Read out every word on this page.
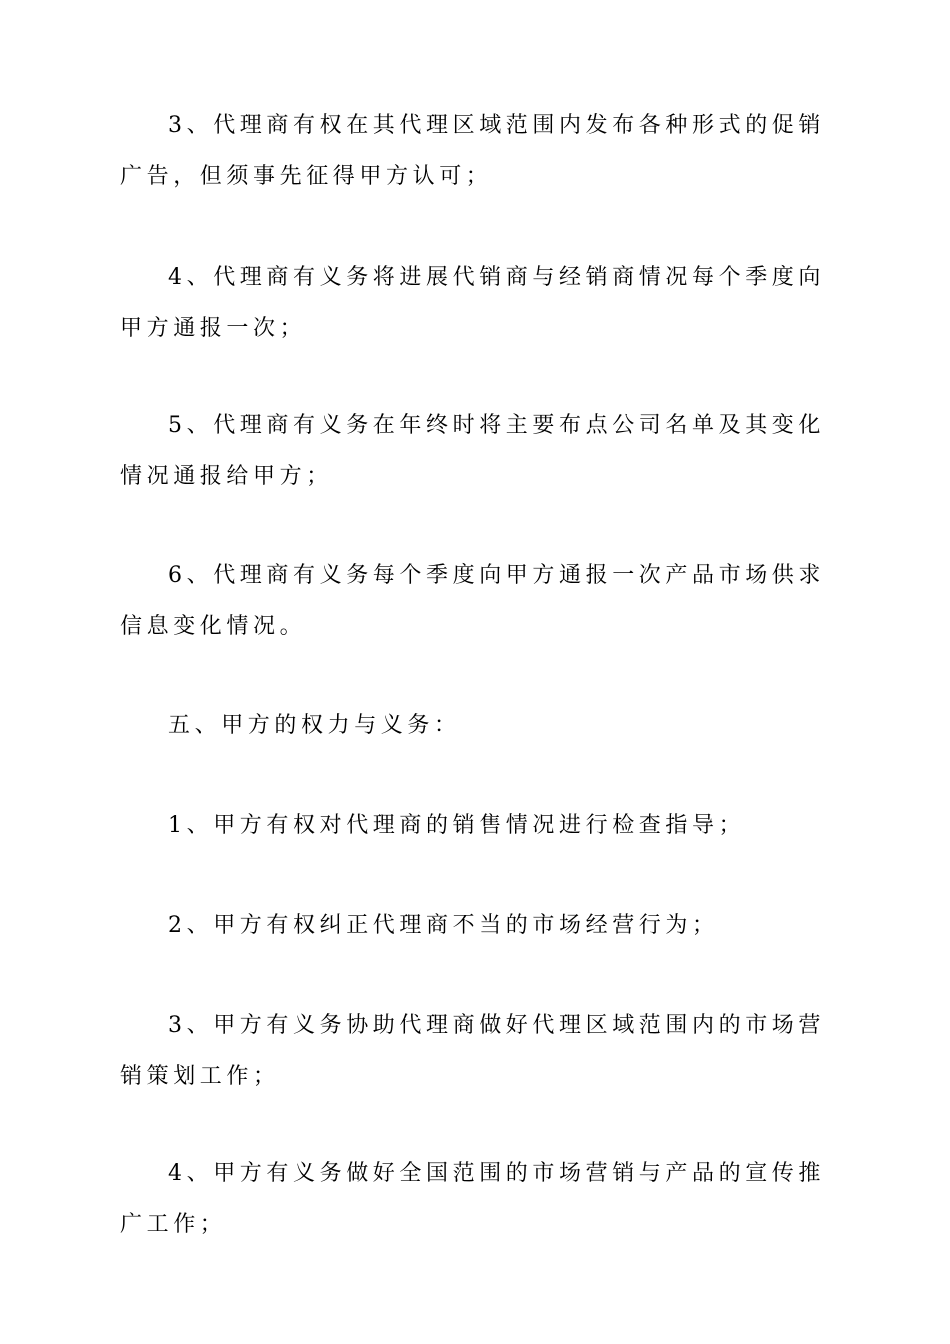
3、代理商有权在其代理区域范围内发布各种形式的促销广告，但须事先征得甲方认可；

4、代理商有义务将进展代销商与经销商情况每个季度向甲方通报一次；

5、代理商有义务在年终时将主要布点公司名单及其变化情况通报给甲方；

6、代理商有义务每个季度向甲方通报一次产品市场供求信息变化情况。

五、甲方的权力与义务：

1、甲方有权对代理商的销售情况进行检查指导；

2、甲方有权纠正代理商不当的市场经营行为；

3、甲方有义务协助代理商做好代理区域范围内的市场营销策划工作；

4、甲方有义务做好全国范围的市场营销与产品的宣传推广工作；
